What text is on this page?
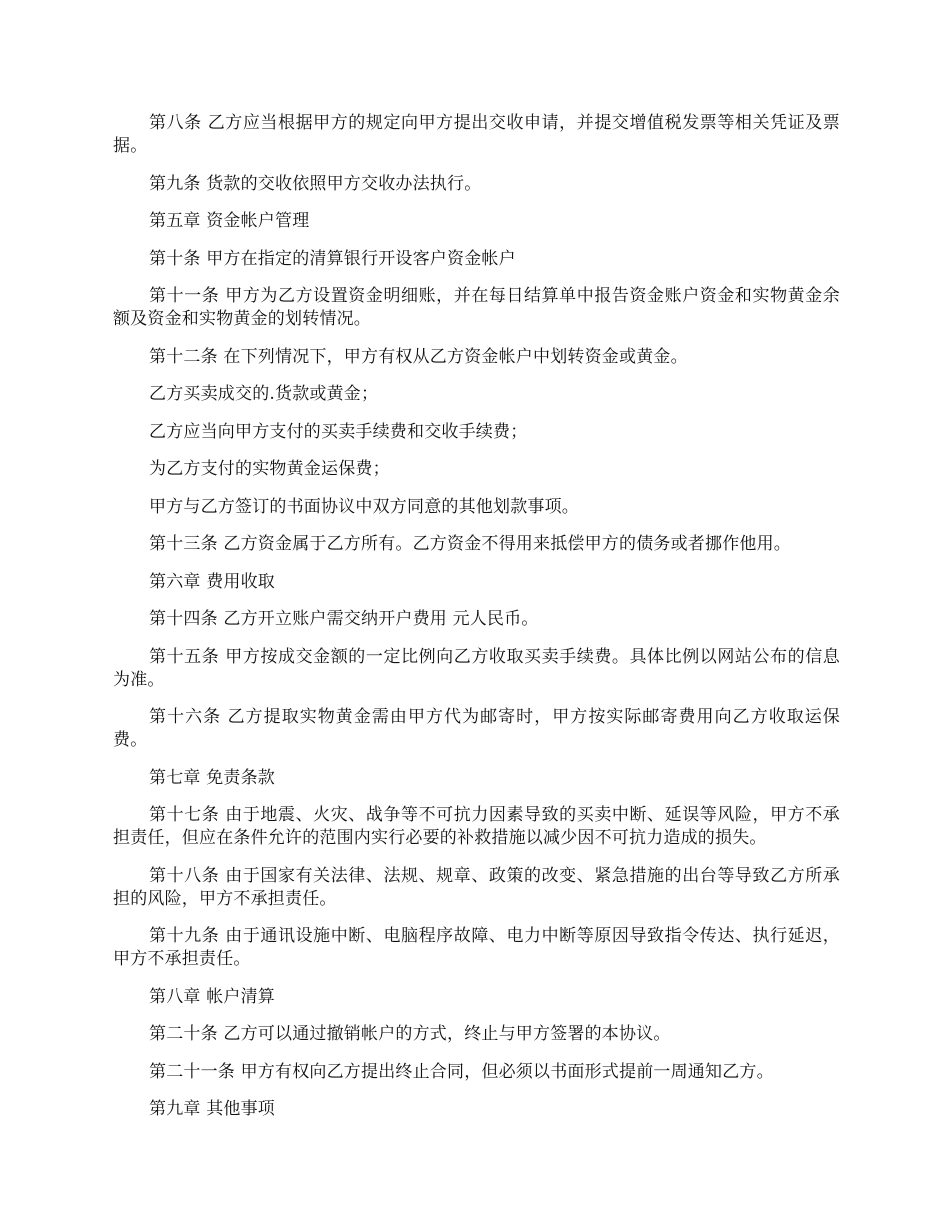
第八条 乙方应当根据甲方的规定向甲方提出交收申请，并提交增值税发票等相关凭证及票据。

第九条 货款的交收依照甲方交收办法执行。

第五章 资金帐户管理

第十条 甲方在指定的清算银行开设客户资金帐户

第十一条 甲方为乙方设置资金明细账，并在每日结算单中报告资金账户资金和实物黄金余额及资金和实物黄金的划转情况。

第十二条 在下列情况下，甲方有权从乙方资金帐户中划转资金或黄金。

乙方买卖成交的.货款或黄金；

乙方应当向甲方支付的买卖手续费和交收手续费；

为乙方支付的实物黄金运保费；

甲方与乙方签订的书面协议中双方同意的其他划款事项。

第十三条 乙方资金属于乙方所有。乙方资金不得用来抵偿甲方的债务或者挪作他用。

第六章 费用收取

第十四条 乙方开立账户需交纳开户费用 元人民币。

第十五条 甲方按成交金额的一定比例向乙方收取买卖手续费。具体比例以网站公布的信息为准。

第十六条 乙方提取实物黄金需由甲方代为邮寄时，甲方按实际邮寄费用向乙方收取运保费。

第七章 免责条款

第十七条 由于地震、火灾、战争等不可抗力因素导致的买卖中断、延误等风险，甲方不承担责任，但应在条件允许的范围内实行必要的补救措施以减少因不可抗力造成的损失。

第十八条 由于国家有关法律、法规、规章、政策的改变、紧急措施的出台等导致乙方所承担的风险，甲方不承担责任。

第十九条 由于通讯设施中断、电脑程序故障、电力中断等原因导致指令传达、执行延迟，甲方不承担责任。

第八章 帐户清算

第二十条 乙方可以通过撤销帐户的方式，终止与甲方签署的本协议。

第二十一条 甲方有权向乙方提出终止合同，但必须以书面形式提前一周通知乙方。

第九章 其他事项
